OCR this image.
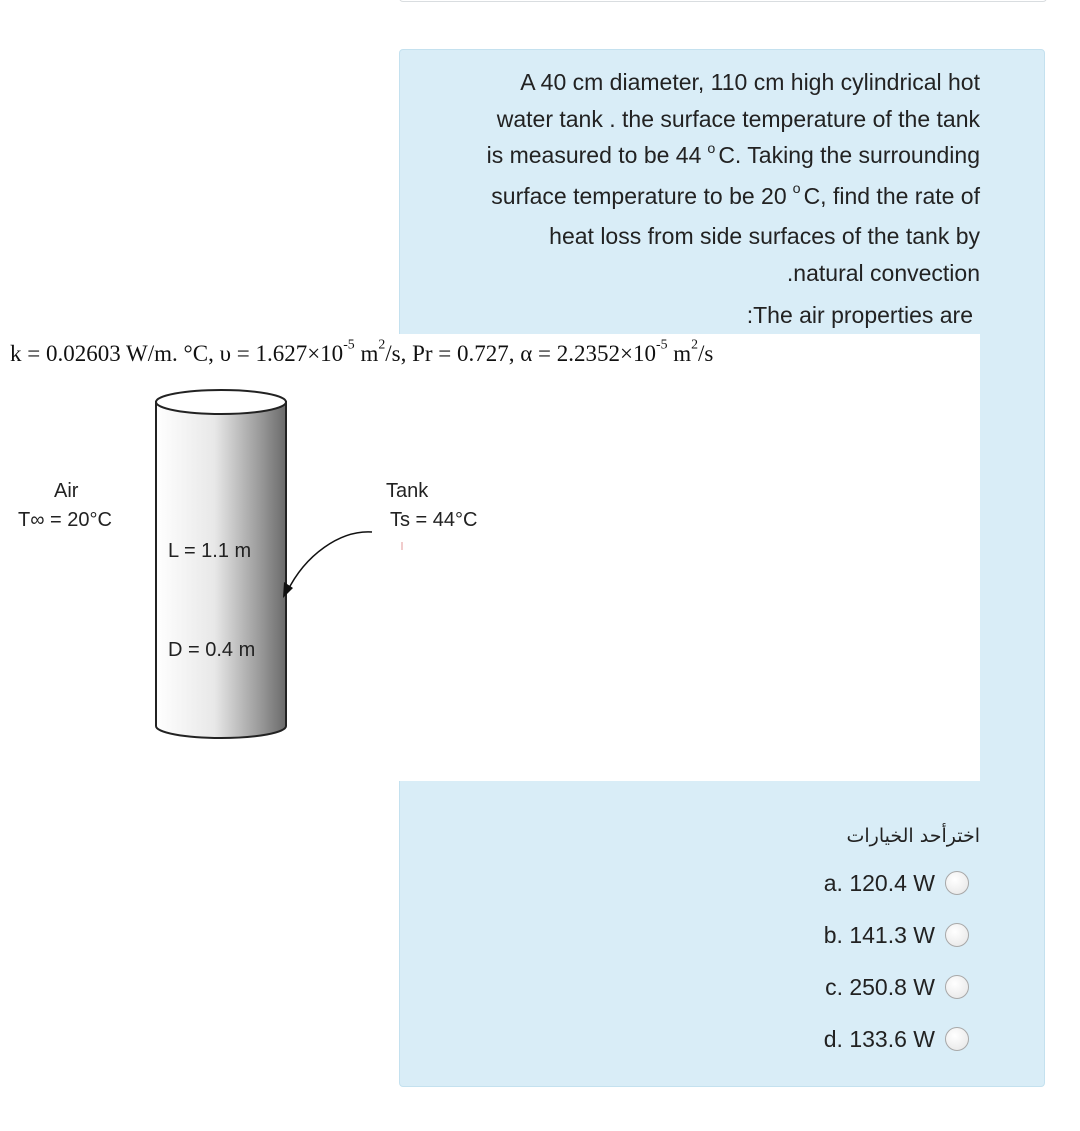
A 40 cm diameter, 110 cm high cylindrical hot
water tank . the surface temperature of the tank
is measured to be 44 $^o$ C. Taking the surrounding
surface temperature to be 20 $^o$ C, find the rate of
heat loss from side surfaces of the tank by
.natural convection
:The air properties are
k = 0.02603 W/m. °C, $\upsilon = 1.627\times 10^{-5}$ $m^2/s$, Pr = 0.727, $\alpha = 2.2352\times 10^{-5}$ $m^2/s$
Air
T∞ = 20°C
Tank
Ts = 44°C
L = 1.1 m
D = 0.4 m
اخترأحد الخيارات
a. 120.4 W
b. 141.3 W
c. 250.8 W
d. 133.6 W
